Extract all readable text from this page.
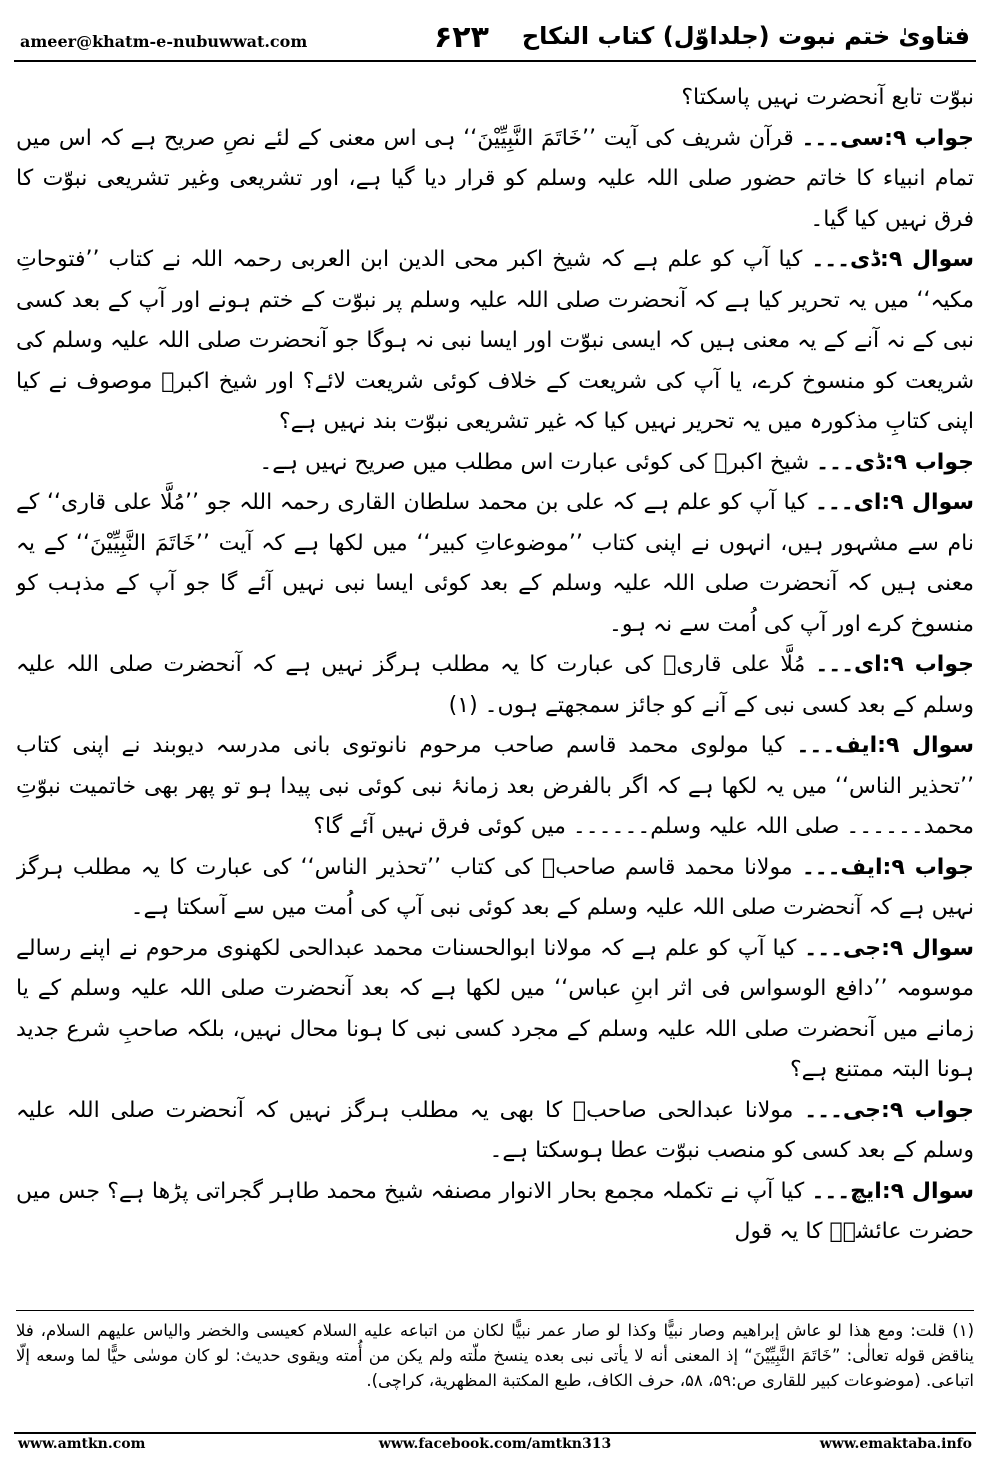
ameer@khatm-e-nubuwwat.com	۶۲۳ فتاویٰ ختم نبوت (جلداوّل) کتاب النکاح

نبوّت تابع آنحضرت نہیں پاسکتا؟

جواب ۹:سی۔۔۔ قرآن شریف کی آیت ’’خَاتَمَ النَّبِیِّیْنَ‘‘ ہی اس معنی کے لئے نصِ صریح ہے کہ اس میں تمام انبیاء کا خاتم حضور صلی اللہ علیہ وسلم کو قرار دیا گیا ہے، اور تشریعی وغیر تشریعی نبوّت کا فرق نہیں کیا گیا۔

سوال ۹:ڈی۔۔۔ کیا آپ کو علم ہے کہ شیخ اکبر محی الدین ابن العربی رحمہ اللہ نے کتاب ’’فتوحاتِ مکیہ‘‘ میں یہ تحریر کیا ہے کہ آنحضرت صلی اللہ علیہ وسلم پر نبوّت کے ختم ہونے اور آپ کے بعد کسی نبی کے نہ آنے کے یہ معنی ہیں کہ ایسی نبوّت اور ایسا نبی نہ ہوگا جو آنحضرت صلی اللہ علیہ وسلم کی شریعت کو منسوخ کرے، یا آپ کی شریعت کے خلاف کوئی شریعت لائے؟ اور شیخ اکبرؒ موصوف نے کیا اپنی کتابِ مذکورہ میں یہ تحریر نہیں کیا کہ غیر تشریعی نبوّت بند نہیں ہے؟

جواب ۹:ڈی۔۔۔ شیخ اکبرؒ کی کوئی عبارت اس مطلب میں صریح نہیں ہے۔

سوال ۹:ای۔۔۔ کیا آپ کو علم ہے کہ علی بن محمد سلطان القاری رحمہ اللہ جو ’’مُلَّا علی قاری‘‘ کے نام سے مشہور ہیں، انہوں نے اپنی کتاب ’’موضوعاتِ کبیر‘‘ میں لکھا ہے کہ آیت ’’خَاتَمَ النَّبِیِّیْنَ‘‘ کے یہ معنی ہیں کہ آنحضرت صلی اللہ علیہ وسلم کے بعد کوئی ایسا نبی نہیں آئے گا جو آپ کے مذہب کو منسوخ کرے اور آپ کی اُمت سے نہ ہو۔

جواب ۹:ای۔۔۔ مُلَّا علی قاریؒ کی عبارت کا یہ مطلب ہرگز نہیں ہے کہ آنحضرت صلی اللہ علیہ وسلم کے بعد کسی نبی کے آنے کو جائز سمجھتے ہوں۔ (۱)

سوال ۹:ایف۔۔۔ کیا مولوی محمد قاسم صاحب مرحوم نانوتوی بانی مدرسہ دیوبند نے اپنی کتاب ’’تحذیر الناس‘‘ میں یہ لکھا ہے کہ اگر بالفرض بعد زمانۂ نبی کوئی نبی پیدا ہو تو پھر بھی خاتمیت نبوّتِ محمد۔۔۔۔۔۔ صلی اللہ علیہ وسلم۔۔۔۔۔۔ میں کوئی فرق نہیں آئے گا؟

جواب ۹:ایف۔۔۔ مولانا محمد قاسم صاحبؒ کی کتاب ’’تحذیر الناس‘‘ کی عبارت کا یہ مطلب ہرگز نہیں ہے کہ آنحضرت صلی اللہ علیہ وسلم کے بعد کوئی نبی آپ کی اُمت میں سے آسکتا ہے۔

سوال ۹:جی۔۔۔ کیا آپ کو علم ہے کہ مولانا ابوالحسنات محمد عبدالحی لکھنوی مرحوم نے اپنے رسالے موسومہ ’’دافع الوسواس فی اثر ابنِ عباس‘‘ میں لکھا ہے کہ بعد آنحضرت صلی اللہ علیہ وسلم کے یا زمانے میں آنحضرت صلی اللہ علیہ وسلم کے مجرد کسی نبی کا ہونا محال نہیں، بلکہ صاحبِ شرع جدید ہونا البتہ ممتنع ہے؟

جواب ۹:جی۔۔۔ مولانا عبدالحی صاحبؒ کا بھی یہ مطلب ہرگز نہیں کہ آنحضرت صلی اللہ علیہ وسلم کے بعد کسی کو منصب نبوّت عطا ہوسکتا ہے۔

سوال ۹:ایچ۔۔۔ کیا آپ نے تکملہ مجمع بحار الانوار مصنفہ شیخ محمد طاہر گجراتی پڑھا ہے؟ جس میں حضرت عائشہؓ کا یہ قول

(۱) قلت: ومع هذا لو عاش إبراهیم وصار نبیًّا وكذا لو صار عمر نبیًّا لكان من اتباعه علیه السلام كعیسى والخضر والیاس علیهم السلام، فلا یناقض قوله تعالٰى: ”خَاتَمَ النَّبِیِّیْنَ“ إذ المعنى أنه لا یأتی نبی بعده ینسخ ملّته ولم یكن من أُمته ویقوی حدیث: لو كان موسٰى حیًّا لما وسعه إلّا اتباعی. (موضوعات كبیر للقاری ص:۵۹، ۵۸، حرف الكاف، طبع المكتبة المظهرية، كراچی).
www.amtkn.com	www.facebook.com/amtkn313	www.emaktaba.info
